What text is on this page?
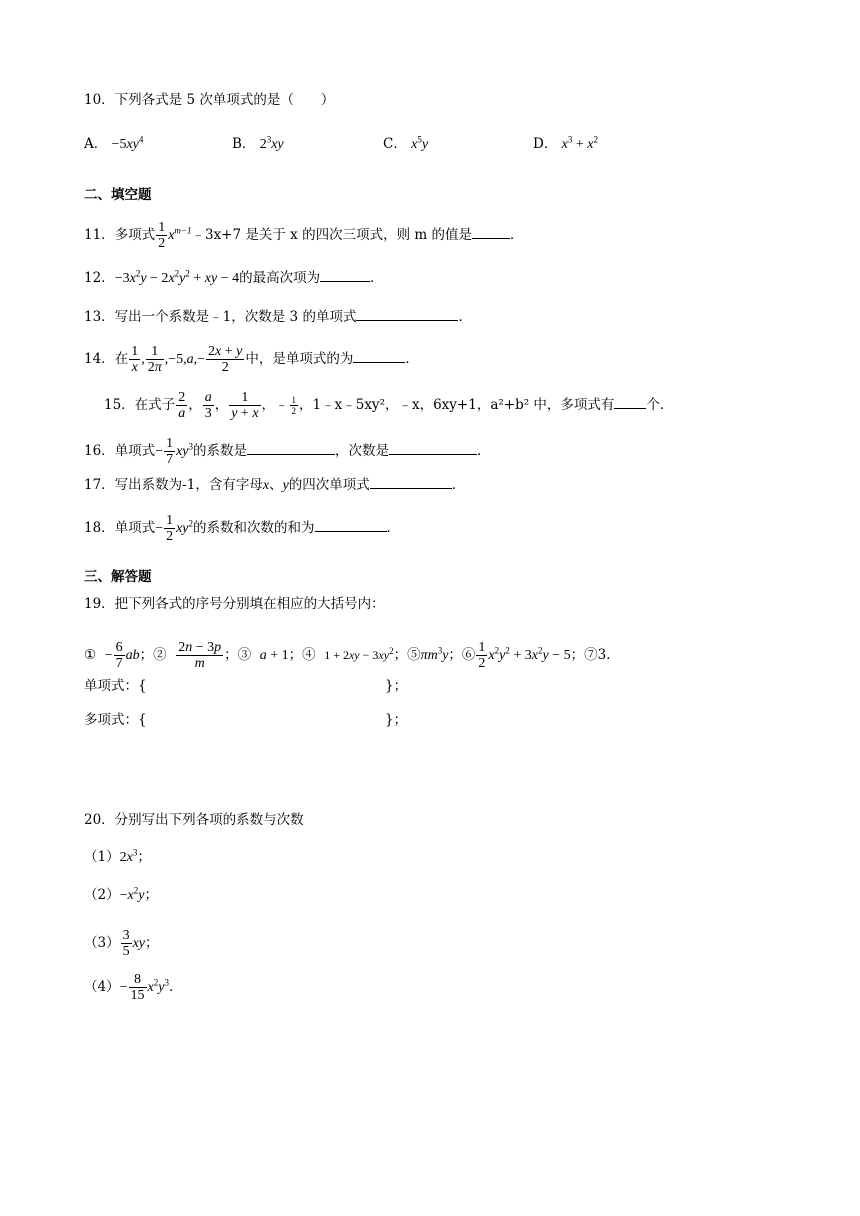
10．下列各式是 5 次单项式的是（　　）
A． $-5xy^4$	B． $2^3xy$	C． $x^5y$	D． $x^3 + x^2$
二、填空题
11．多项式 $\frac{1}{2}$ $x^{m-1}﹣3x+7$ 是关于 x 的四次三项式，则 m 的值是	．
12．$-3x^2y - 2x^2y^2$ + xy − 4的最高次项为	．
13．写出一个系数是﹣1，次数是 3 的单项式	．
14．在 $\frac{1}{x}$ , $\frac{1}{2\pi} ,-5,a,- \frac{2x + y}{2}$ 中，是单项式的为	．
15．在式子 $\frac{2}{a}$ ， $\frac{a}{3}$ ， $\frac{1}{y + x}$ ，﹣ $\frac{1}{2}$ ，1﹣x﹣5xy²，﹣x，6xy+1，a²+b² 中，多项式有 个．
16．单项式− $\frac{1}{7} xy^3$的系数是	，次数是	．
17．写出系数为-1，含有字母x、y的四次单项式	．
18．单项式− $\frac{1}{2} xy^2$的系数和次数的和为	．
三、解答题
19．把下列各式的序号分别填在相应的大括号内：
① − $\frac{6}{7}$ ab；② $\frac{2n - 3p}{m}$ ；③  a + 1；④  $1 + 2xy - 3xy^2$；$⑤\pi m^3y$；⑥ $\frac{1}{2} x^2y^2 + 3x^2y - 5$；⑦3．
单项式：{	}；
多项式：{	}；
20．分别写出下列各项的系数与次数
$(1)2x^3$；
$(2)-x^2y$；
$(3) \frac{3}{5}$ xy；
$(4)- \frac{8}{15} x^2y^3$．
